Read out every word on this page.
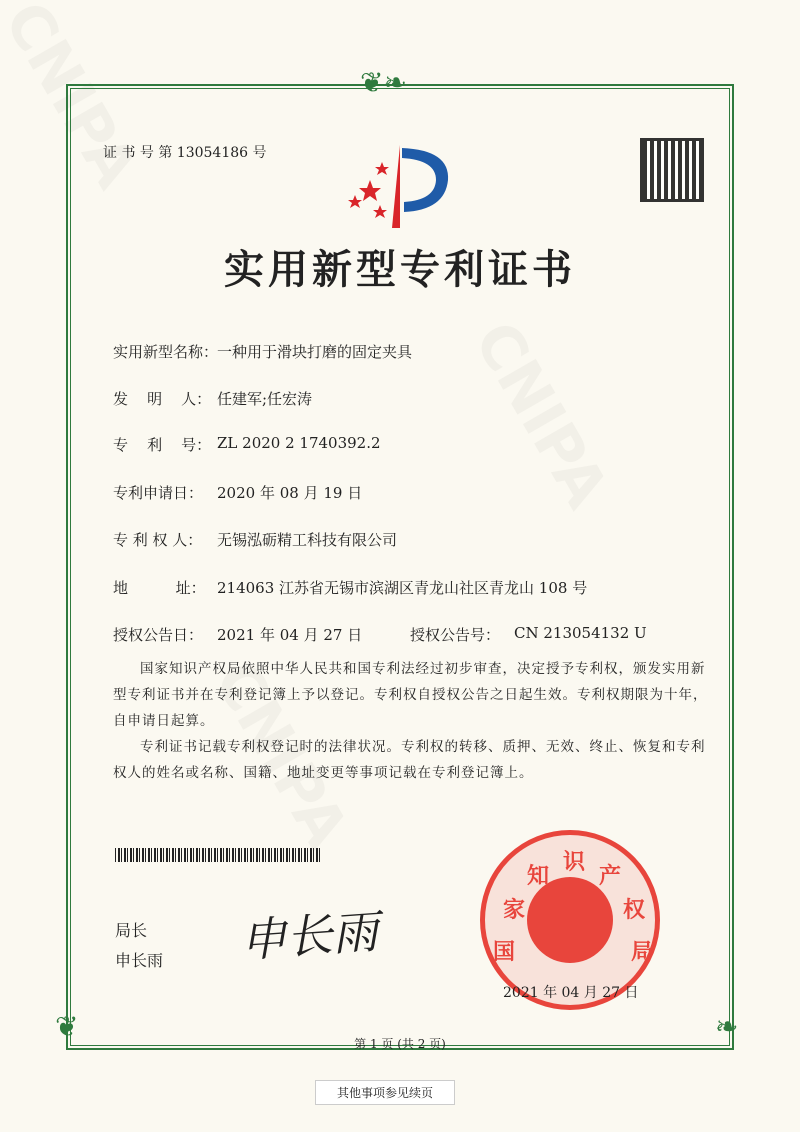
❦❧
❦	❧
证 书 号 第 13054186 号
实用新型专利证书
实用新型名称：
一种用于滑块打磨的固定夹具
发    明    人： 任建军;任宏涛
专    利    号： ZL 2020 2 1740392.2
专利申请日： 2020 年 08 月 19 日
专 利 权 人： 无锡泓砺精工科技有限公司
地          址： 214063 江苏省无锡市滨湖区青龙山社区青龙山 108 号
授权公告日： 2021 年 04 月 27 日	授权公告号： CN 213054132 U
国家知识产权局依照中华人民共和国专利法经过初步审查，决定授予专利权，颁发实用新型专利证书并在专利登记簿上予以登记。专利权自授权公告之日起生效。专利权期限为十年，自申请日起算。
专利证书记载专利权登记时的法律状况。专利权的转移、质押、无效、终止、恢复和专利权人的姓名或名称、国籍、地址变更等事项记载在专利登记簿上。
局长
申长雨 申长雨	国
家
知
识
产
权
局
2021 年 04 月 27 日
第 1 页 (共 2 页)
其他事项参见续页
